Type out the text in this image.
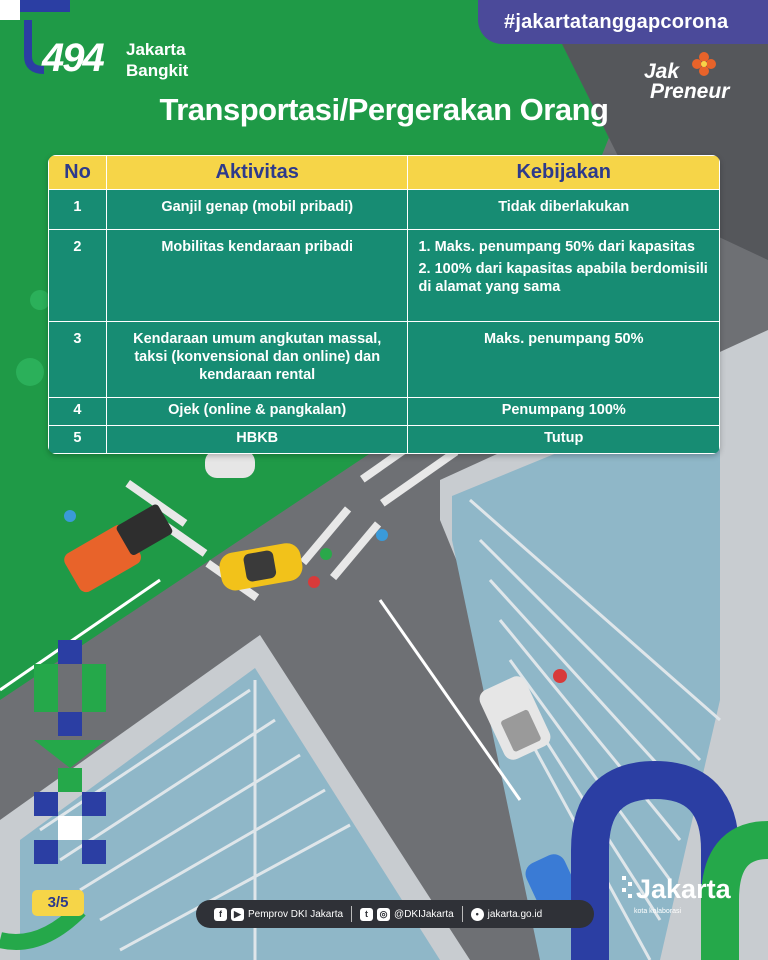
#jakartatanggapcorona
494 Jakarta
Bangkit	Jak
Preneur
Transportasi/Pergerakan Orang
No	Aktivitas	Kebijakan
1	Ganjil genap (mobil pribadi)	Tidak diberlakukan
2	Mobilitas kendaraan pribadi	1. Maks. penumpang 50% dari kapasitas
2. 100% dari kapasitas apabila berdomisili di alamat yang sama

3	Kendaraan umum angkutan massal, taksi (konvensional dan online) dan kendaraan rental	Maks. penumpang 50%
4	Ojek (online & pangkalan)	Penumpang 100%
5	HBKB	Tutup
3/5
f	▶ Pemprov DKI Jakarta	t	◎ @DKIJakarta	• jakarta.go.id
Jakarta
kota kolaborasi
